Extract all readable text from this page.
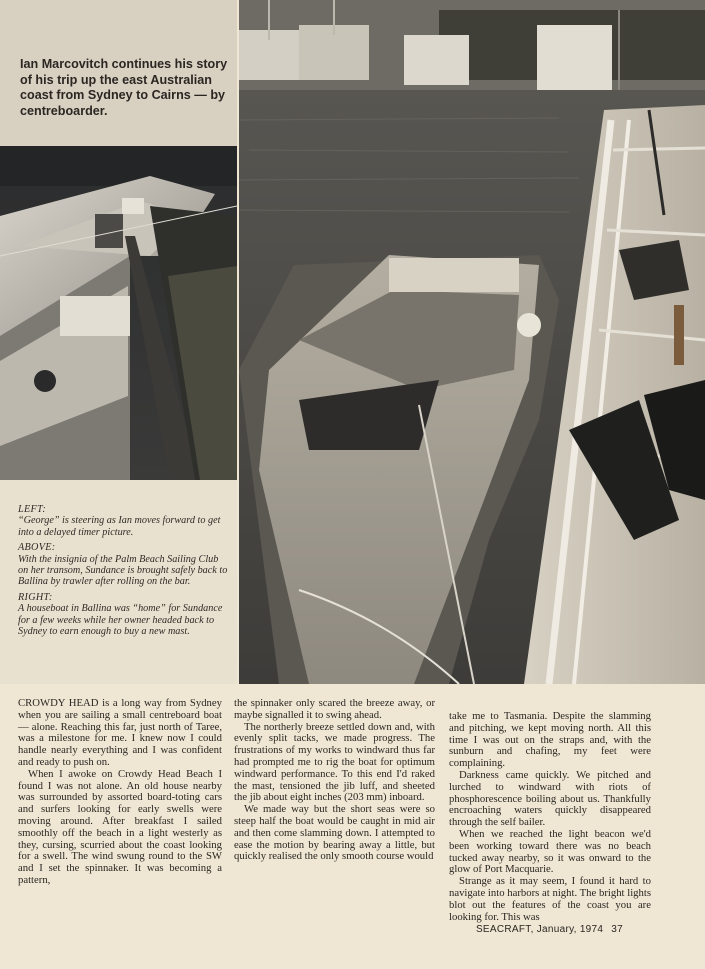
Ian Marcovitch continues his story of his trip up the east Australian coast from Sydney to Cairns — by centreboarder.

LEFT:
“George” is steering as Ian moves forward to get into a delayed timer picture.
ABOVE:
With the insignia of the Palm Beach Sailing Club on her transom, Sundance is brought safely back to Ballina by trawler after rolling on the bar.
RIGHT:
A houseboat in Ballina was “home” for Sundance for a few weeks while her owner headed back to Sydney to earn enough to buy a new mast.

CROWDY HEAD is a long way from Sydney when you are sailing a small centreboard boat — alone. Reaching this far, just north of Taree, was a milestone for me. I knew now I could handle nearly everything and I was confident and ready to push on.

When I awoke on Crowdy Head Beach I found I was not alone. An old house nearby was surrounded by assorted board-toting cars and surfers looking for early swells were moving around. After breakfast I sailed smoothly off the beach in a light westerly as they, cursing, scurried about the coast looking for a swell. The wind swung round to the SW and I set the spinnaker. It was becoming a pattern,

the spinnaker only scared the breeze away, or maybe signalled it to swing ahead.

The northerly breeze settled down and, with evenly split tacks, we made progress. The frustrations of my works to windward thus far had prompted me to rig the boat for optimum windward performance. To this end I'd raked the mast, tensioned the jib luff, and sheeted the jib about eight inches (203 mm) inboard.

We made way but the short seas were so steep half the boat would be caught in mid air and then come slamming down. I attempted to ease the motion by bearing away a little, but quickly realised the only smooth course would

take me to Tasmania. Despite the slamming and pitching, we kept moving north. All this time I was out on the straps and, with the sunburn and chafing, my feet were complaining.

Darkness came quickly. We pitched and lurched to windward with riots of phosphorescence boiling about us. Thankfully encroaching waters quickly disappeared through the self bailer.

When we reached the light beacon we'd been working toward there was no beach tucked away nearby, so it was onward to the glow of Port Macquarie.

Strange as it may seem, I found it hard to navigate into harbors at night. The bright lights blot out the features of the coast you are looking for. This was

SEACRAFT, January, 1974 37
